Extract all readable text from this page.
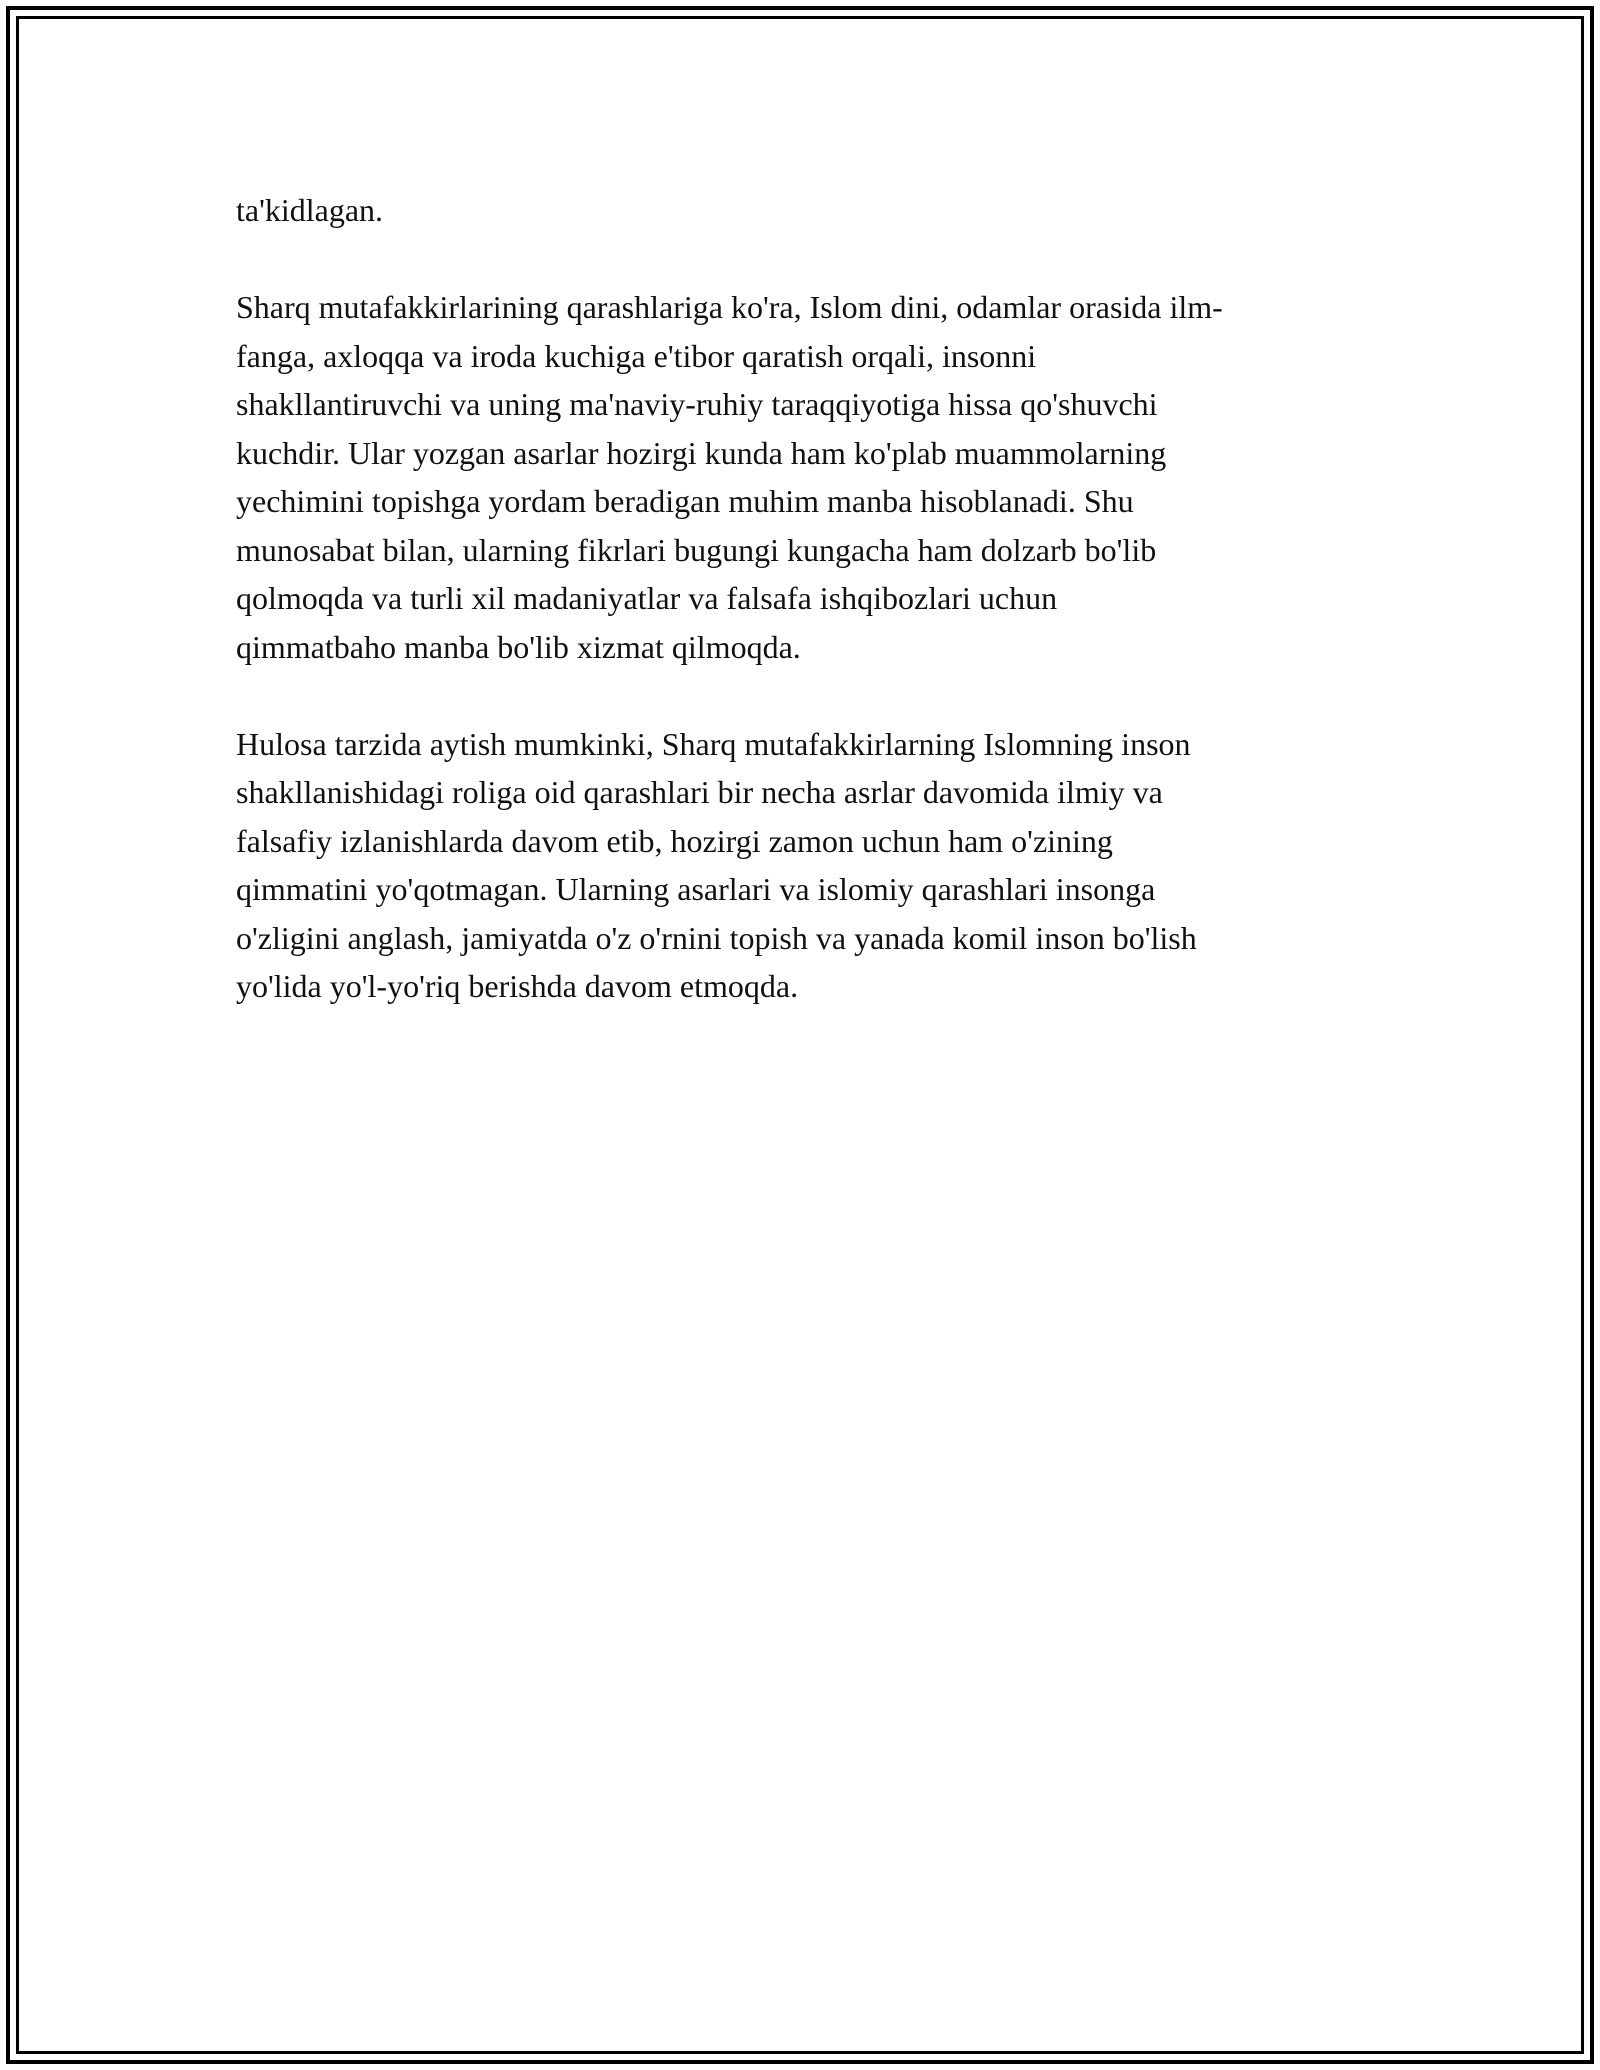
ta'kidlagan.

Sharq mutafakkirlarining qarashlariga ko'ra, Islom dini, odamlar orasida ilm-
fanga, axloqqa va iroda kuchiga e'tibor qaratish orqali, insonni
shakllantiruvchi va uning ma'naviy-ruhiy taraqqiyotiga hissa qo'shuvchi
kuchdir. Ular yozgan asarlar hozirgi kunda ham ko'plab muammolarning
yechimini topishga yordam beradigan muhim manba hisoblanadi. Shu
munosabat bilan, ularning fikrlari bugungi kungacha ham dolzarb bo'lib
qolmoqda va turli xil madaniyatlar va falsafa ishqibozlari uchun
qimmatbaho manba bo'lib xizmat qilmoqda.

Hulosa tarzida aytish mumkinki, Sharq mutafakkirlarning Islomning inson
shakllanishidagi roliga oid qarashlari bir necha asrlar davomida ilmiy va
falsafiy izlanishlarda davom etib, hozirgi zamon uchun ham o'zining
qimmatini yo'qotmagan. Ularning asarlari va islomiy qarashlari insonga
o'zligini anglash, jamiyatda o'z o'rnini topish va yanada komil inson bo'lish
yo'lida yo'l-yo'riq berishda davom etmoqda.
